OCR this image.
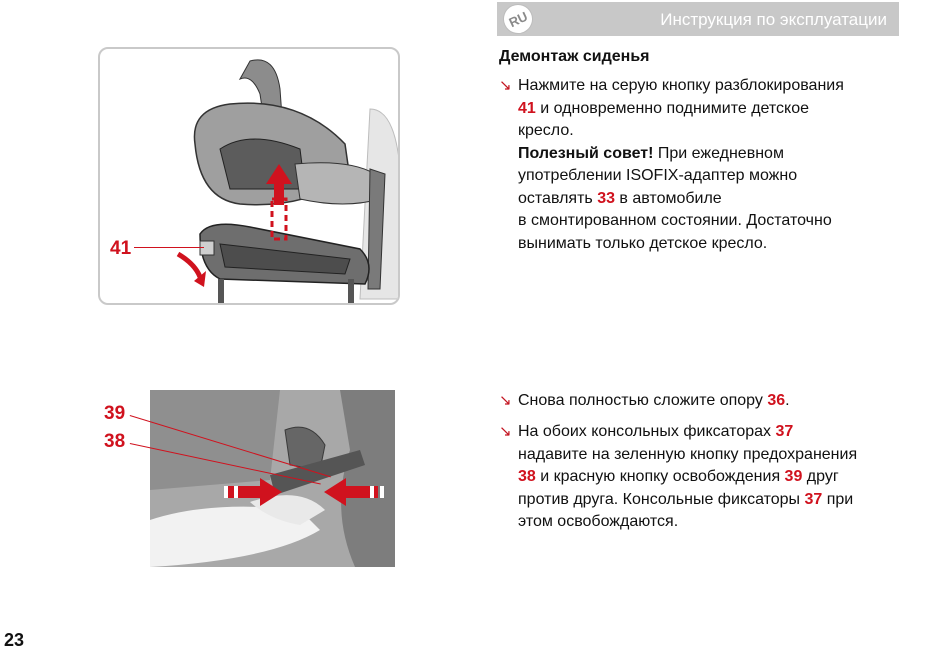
RU	Инструкция по эксплуатации
Демонтаж сиденья
↘ Нажмите на серую кнопку разблокирования
41 и одновременно поднимите детское
кресло.
Полезный совет! При ежедневном
употреблении ISOFIX-адаптер можно
оставлять 33 в автомобиле
в смонтированном состоянии. Достаточно
вынимать только детское кресло.
↘ Снова полностью сложите опору 36.
↘ На обоих консольных фиксаторах 37
надавите на зеленную кнопку предохранения
38 и красную кнопку освобождения 39 друг
против друга. Консольные фиксаторы 37 при
этом освобождаются.
41
39
38
23
